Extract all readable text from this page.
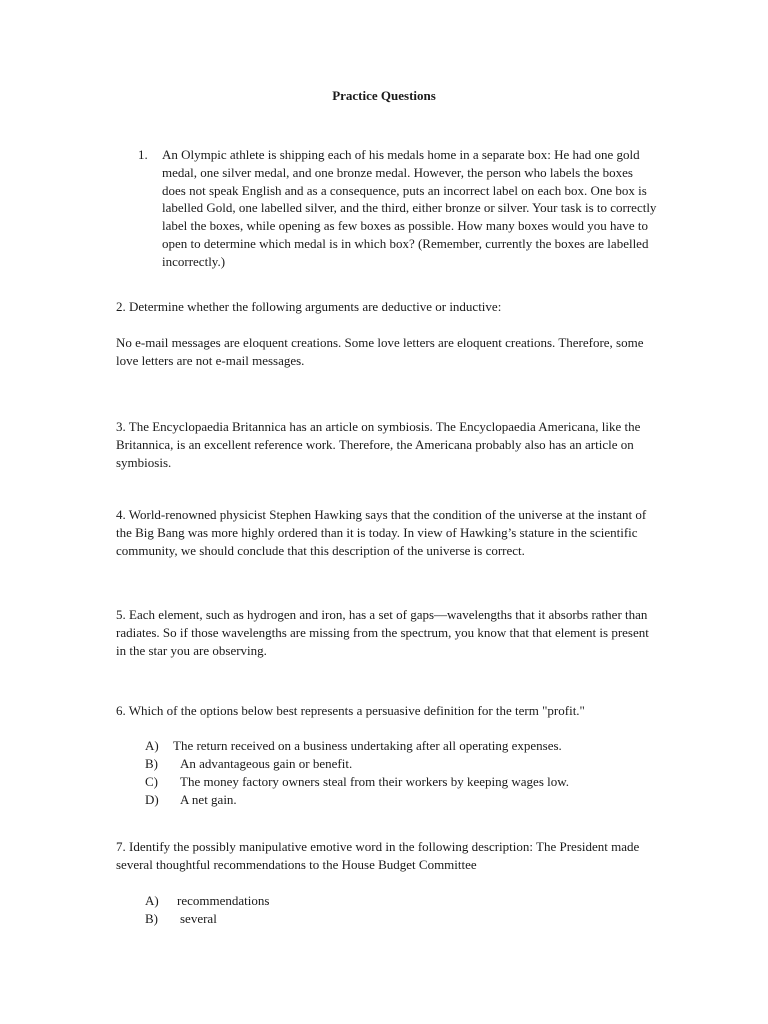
Practice Questions
1. An Olympic athlete is shipping each of his medals home in a separate box: He had one gold medal, one silver medal, and one bronze medal. However, the person who labels the boxes does not speak English and as a consequence, puts an incorrect label on each box. One box is labelled Gold, one labelled silver, and the third, either bronze or silver. Your task is to correctly label the boxes, while opening as few boxes as possible. How many boxes would you have to open to determine which medal is in which box? (Remember, currently the boxes are labelled incorrectly.)
2. Determine whether the following arguments are deductive or inductive:
No e-mail messages are eloquent creations. Some love letters are eloquent creations. Therefore, some love letters are not e-mail messages.
3. The Encyclopaedia Britannica has an article on symbiosis. The Encyclopaedia Americana, like the Britannica, is an excellent reference work. Therefore, the Americana probably also has an article on symbiosis.
4. World-renowned physicist Stephen Hawking says that the condition of the universe at the instant of the Big Bang was more highly ordered than it is today. In view of Hawking’s stature in the scientific community, we should conclude that this description of the universe is correct.
5. Each element, such as hydrogen and iron, has a set of gaps—wavelengths that it absorbs rather than radiates. So if those wavelengths are missing from the spectrum, you know that that element is present in the star you are observing.
6. Which of the options below best represents a persuasive definition for the term "profit."
A)	The return received on a business undertaking after all operating expenses.
B)	An advantageous gain or benefit.
C)	The money factory owners steal from their workers by keeping wages low.
D)	A net gain.
7. Identify the possibly manipulative emotive word in the following description: The President made several thoughtful recommendations to the House Budget Committee
A)	recommendations
B)	several
